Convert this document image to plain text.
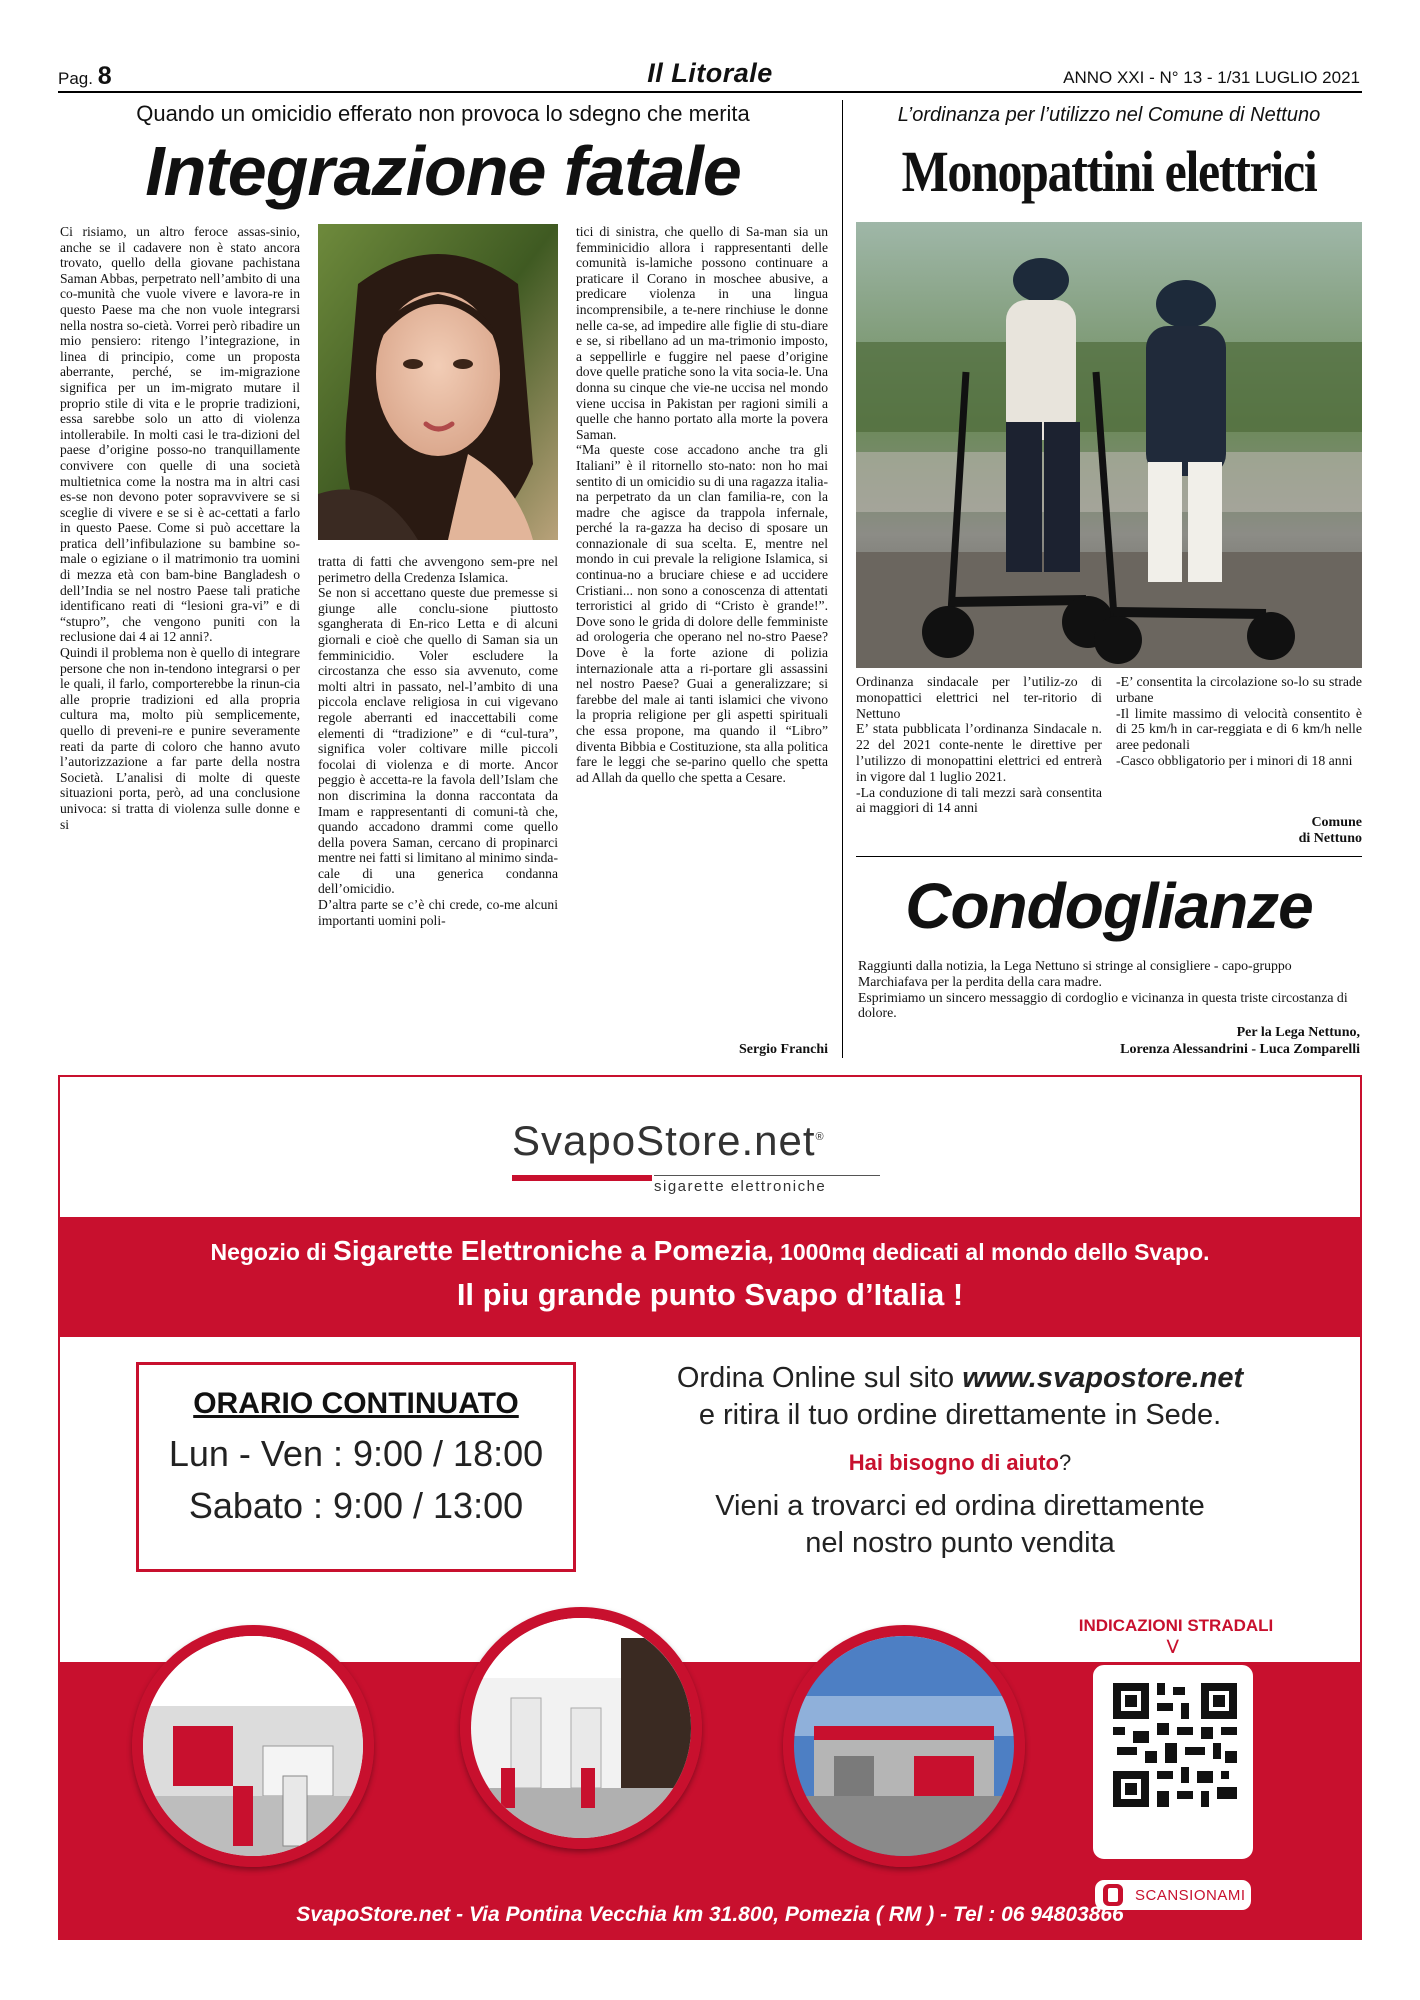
Pag. 8	Il Litorale	ANNO XXI - N° 13 - 1/31 LUGLIO 2021
Quando un omicidio efferato non provoca lo sdegno che merita
Integrazione fatale

Ci risiamo, un altro feroce assas-sinio, anche se il cadavere non è stato ancora trovato, quello della giovane pachistana Saman Abbas, perpetrato nell’ambito di una co-munità che vuole vivere e lavora-re in questo Paese ma che non vuole integrarsi nella nostra so-cietà. Vorrei però ribadire un mio pensiero: ritengo l’integrazione, in linea di principio, come un proposta aberrante, perché, se im-migrazione significa per un im-migrato mutare il proprio stile di vita e le proprie tradizioni, essa sarebbe solo un atto di violenza intollerabile. In molti casi le tra-dizioni del paese d’origine posso-no tranquillamente convivere con quelle di una società multietnica come la nostra ma in altri casi es-se non devono poter sopravvivere se si sceglie di vivere e se si è ac-cettati a farlo in questo Paese. Come si può accettare la pratica dell’infibulazione su bambine so-male o egiziane o il matrimonio tra uomini di mezza età con bam-bine Bangladesh o dell’India se nel nostro Paese tali pratiche identificano reati di “lesioni gra-vi” e di “stupro”, che vengono puniti con la reclusione dai 4 ai 12 anni?.

Quindi il problema non è quello di integrare persone che non in-tendono integrarsi o per le quali, il farlo, comporterebbe la rinun-cia alle proprie tradizioni ed alla propria cultura ma, molto più semplicemente, quello di preveni-re e punire severamente reati da parte di coloro che hanno avuto l’autorizzazione a far parte della nostra Società. L’analisi di molte di queste situazioni porta, però, ad una conclusione univoca: si tratta di violenza sulle donne e si

tratta di fatti che avvengono sem-pre nel perimetro della Credenza Islamica.

Se non si accettano queste due premesse si giunge alle conclu-sione piuttosto sgangherata di En-rico Letta e di alcuni giornali e cioè che quello di Saman sia un femminicidio. Voler escludere la circostanza che esso sia avvenuto, come molti altri in passato, nel-l’ambito di una piccola enclave religiosa in cui vigevano regole aberranti ed inaccettabili come elementi di “tradizione” e di “cul-tura”, significa voler coltivare mille piccoli focolai di violenza e di morte. Ancor peggio è accetta-re la favola dell’Islam che non discrimina la donna raccontata da Imam e rappresentanti di comuni-tà che, quando accadono drammi come quello della povera Saman, cercano di propinarci mentre nei fatti si limitano al minimo sinda-cale di una generica condanna dell’omicidio.

D’altra parte se c’è chi crede, co-me alcuni importanti uomini poli-

tici di sinistra, che quello di Sa-man sia un femminicidio allora i rappresentanti delle comunità is-lamiche possono continuare a praticare il Corano in moschee abusive, a predicare violenza in una lingua incomprensibile, a te-nere rinchiuse le donne nelle ca-se, ad impedire alle figlie di stu-diare e se, si ribellano ad un ma-trimonio imposto, a seppellirle e fuggire nel paese d’origine dove quelle pratiche sono la vita socia-le. Una donna su cinque che vie-ne uccisa nel mondo viene uccisa in Pakistan per ragioni simili a quelle che hanno portato alla morte la povera Saman.

“Ma queste cose accadono anche tra gli Italiani” è il ritornello sto-nato: non ho mai sentito di un omicidio su di una ragazza italia-na perpetrato da un clan familia-re, con la madre che agisce da trappola infernale, perché la ra-gazza ha deciso di sposare un connazionale di sua scelta. E, mentre nel mondo in cui prevale la religione Islamica, si continua-no a bruciare chiese e ad uccidere Cristiani... non sono a conoscenza di attentati terroristici al grido di “Cristo è grande!”. Dove sono le grida di dolore delle femministe ad orologeria che operano nel no-stro Paese? Dove è la forte azione di polizia internazionale atta a ri-portare gli assassini nel nostro Paese? Guai a generalizzare; si farebbe del male ai tanti islamici che vivono la propria religione per gli aspetti spirituali che essa propone, ma quando il “Libro” diventa Bibbia e Costituzione, sta alla politica fare le leggi che se-parino quello che spetta ad Allah da quello che spetta a Cesare.

Sergio Franchi
L’ordinanza per l’utilizzo nel Comune di Nettuno
Monopattini elettrici

Ordinanza sindacale per l’utiliz-zo di monopattici elettrici nel ter-ritorio di Nettuno

E’ stata pubblicata l’ordinanza Sindacale n. 22 del 2021 conte-nente le direttive per l’utilizzo di monopattini elettrici ed entrerà in vigore dal 1 luglio 2021.

-La conduzione di tali mezzi sarà consentita ai maggiori di 14 anni

-E’ consentita la circolazione so-lo su strade urbane

-Il limite massimo di velocità consentito è di 25 km/h in car-reggiata e di 6 km/h nelle aree pedonali

-Casco obbligatorio per i minori di 18 anni

Comune
di Nettuno
Condoglianze

Raggiunti dalla notizia, la Lega Nettuno si stringe al consigliere - capo-gruppo Marchiafava per la perdita della cara madre.

Esprimiamo un sincero messaggio di cordoglio e vicinanza in questa triste circostanza di dolore.

Per la Lega Nettuno,
Lorenza Alessandrini - Luca Zomparelli
SvapoStore.net®
sigarette elettroniche
Negozio di Sigarette Elettroniche a Pomezia, 1000mq dedicati al mondo dello Svapo.
Il piu grande punto Svapo d’Italia !
ORARIO CONTINUATO
Lun - Ven : 9:00 / 18:00
Sabato : 9:00 / 13:00
Ordina Online sul sito www.svapostore.net
e ritira il tuo ordine direttamente in Sede.
Hai bisogno di aiuto?
Vieni a trovarci ed ordina direttamente
nel nostro punto vendita
INDICAZIONI STRADALI
⋁
SCANSIONAMI
SvapoStore.net - Via Pontina Vecchia km 31.800, Pomezia ( RM ) - Tel : 06 94803866
